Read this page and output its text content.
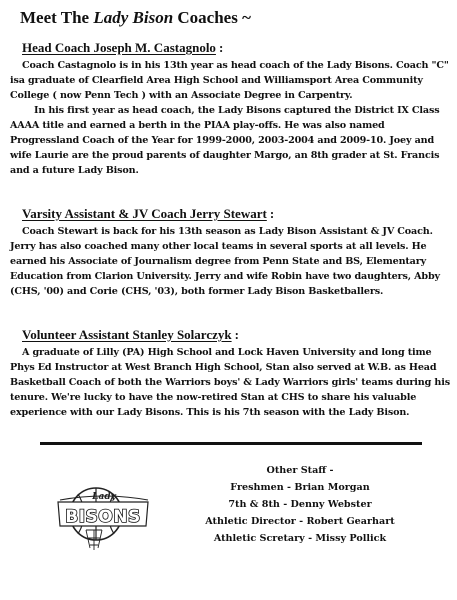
Meet The Lady Bison Coaches ~
Head Coach Joseph M. Castagnolo :

Coach Castagnolo is in his 13th year as head coach of the Lady Bisons. Coach "C" isa graduate of Clearfield Area High School and Williamsport Area Community College ( now Penn Tech ) with an Associate Degree in Carpentry.

In his first year as head coach, the Lady Bisons captured the District IX Class AAAA title and earned a berth in the PIAA play-offs. He was also named Progressland Coach of the Year for 1999-2000, 2003-2004 and 2009-10. Joey and wife Laurie are the proud parents of daughter Margo, an 8th grader at St. Francis and a future Lady Bison.

Varsity Assistant & JV Coach Jerry Stewart :

Coach Stewart is back for his 13th season as Lady Bison Assistant & JV Coach. Jerry has also coached many other local teams in several sports at all levels. He earned his Associate of Journalism degree from Penn State and BS, Elementary Education from Clarion University. Jerry and wife Robin have two daughters, Abby (CHS, '00) and Corie (CHS, '03), both former Lady Bison Basketballers.

Volunteer Assistant Stanley Solarczyk :

A graduate of Lilly (PA) High School and Lock Haven University and long time Phys Ed Instructor at West Branch High School, Stan also served at W.B. as Head Basketball Coach of both the Warriors boys' & Lady Warriors girls' teams during his tenure. We're lucky to have the now-retired Stan at CHS to share his valuable experience with our Lady Bisons. This is his 7th season with the Lady Bison.

Lady
BISONS
Other Staff -
Freshmen - Brian Morgan
7th & 8th - Denny Webster
Athletic Director - Robert Gearhart
Athletic Scretary - Missy Pollick
